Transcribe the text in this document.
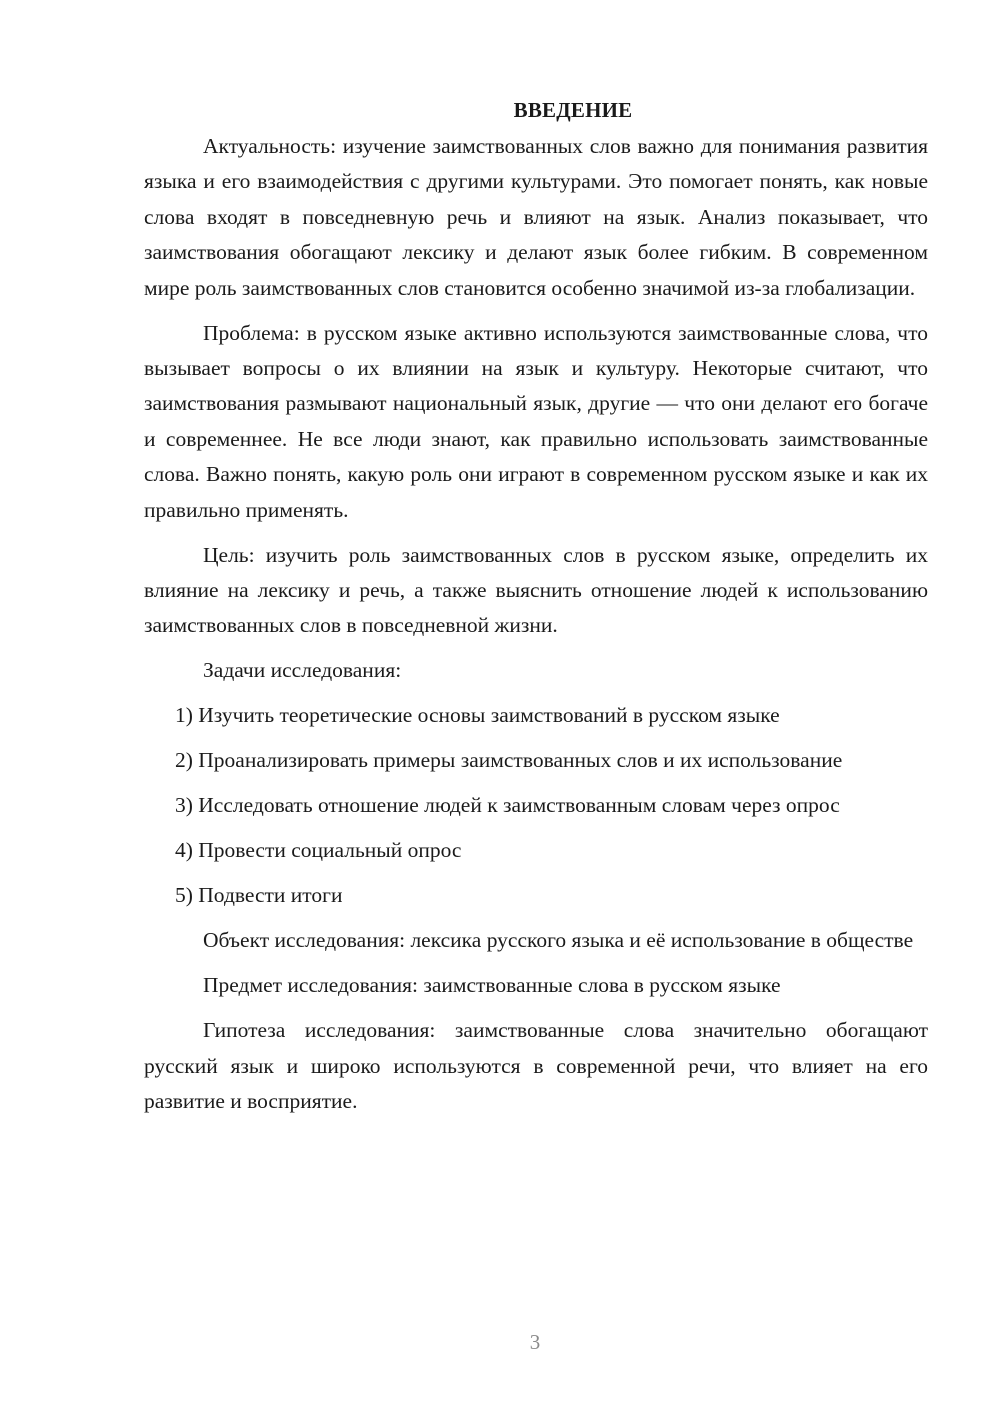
ВВЕДЕНИЕ

Актуальность: изучение заимствованных слов важно для понимания развития языка и его взаимодействия с другими культурами. Это помогает понять, как новые слова входят в повседневную речь и влияют на язык. Анализ показывает, что заимствования обогащают лексику и делают язык более гибким. В современном мире роль заимствованных слов становится особенно значимой из-за глобализации.

Проблема: в русском языке активно используются заимствованные слова, что вызывает вопросы о их влиянии на язык и культуру. Некоторые считают, что заимствования размывают национальный язык, другие — что они делают его богаче и современнее. Не все люди знают, как правильно использовать заимствованные слова. Важно понять, какую роль они играют в современном русском языке и как их правильно применять.

Цель: изучить роль заимствованных слов в русском языке, определить их влияние на лексику и речь, а также выяснить отношение людей к использованию заимствованных слов в повседневной жизни.

Задачи исследования:

1) Изучить теоретические основы заимствований в русском языке

2) Проанализировать примеры заимствованных слов и их использование

3) Исследовать отношение людей к заимствованным словам через опрос

4) Провести социальный опрос

5) Подвести итоги

Объект исследования: лексика русского языка и её использование в обществе

Предмет исследования: заимствованные слова в русском языке

Гипотеза исследования: заимствованные слова значительно обогащают русский язык и широко используются в современной речи, что влияет на его развитие и восприятие.

3
